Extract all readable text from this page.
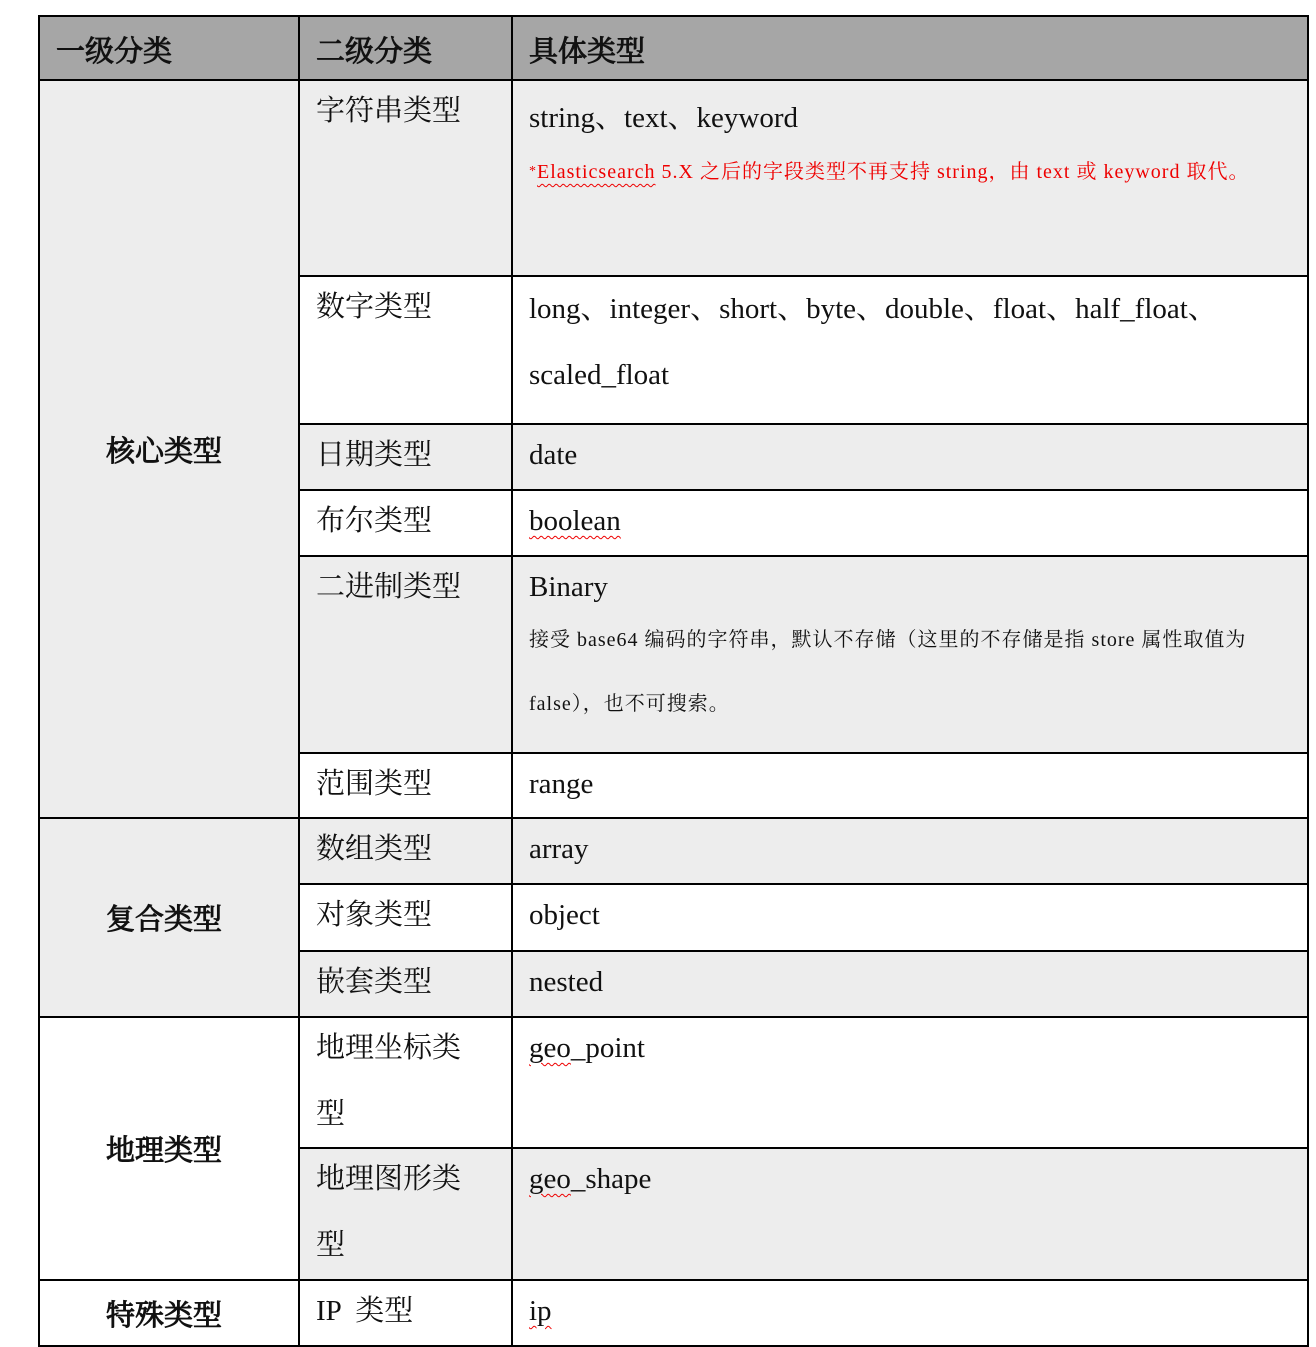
一级分类	二级分类	具体类型
核心类型	字符串类型	string、text、keyword
*Elasticsearch 5.X 之后的字段类型不再支持 string，由 text 或 keyword 取代。

	数字类型	long、integer、short、byte、double、float、half_float、
scaled_float

	日期类型	date

	布尔类型	boolean

	二进制类型	Binary
接受 base64 编码的字符串，默认不存储（这里的不存储是指 store 属性取值为 false），也不可搜索。

	范围类型	range
复合类型	数组类型	array

	对象类型	object

	嵌套类型	nested
地理类型	地理坐标类
型	geo_point

	地理图形类
型	geo_shape
特殊类型	IP  类型	ip
